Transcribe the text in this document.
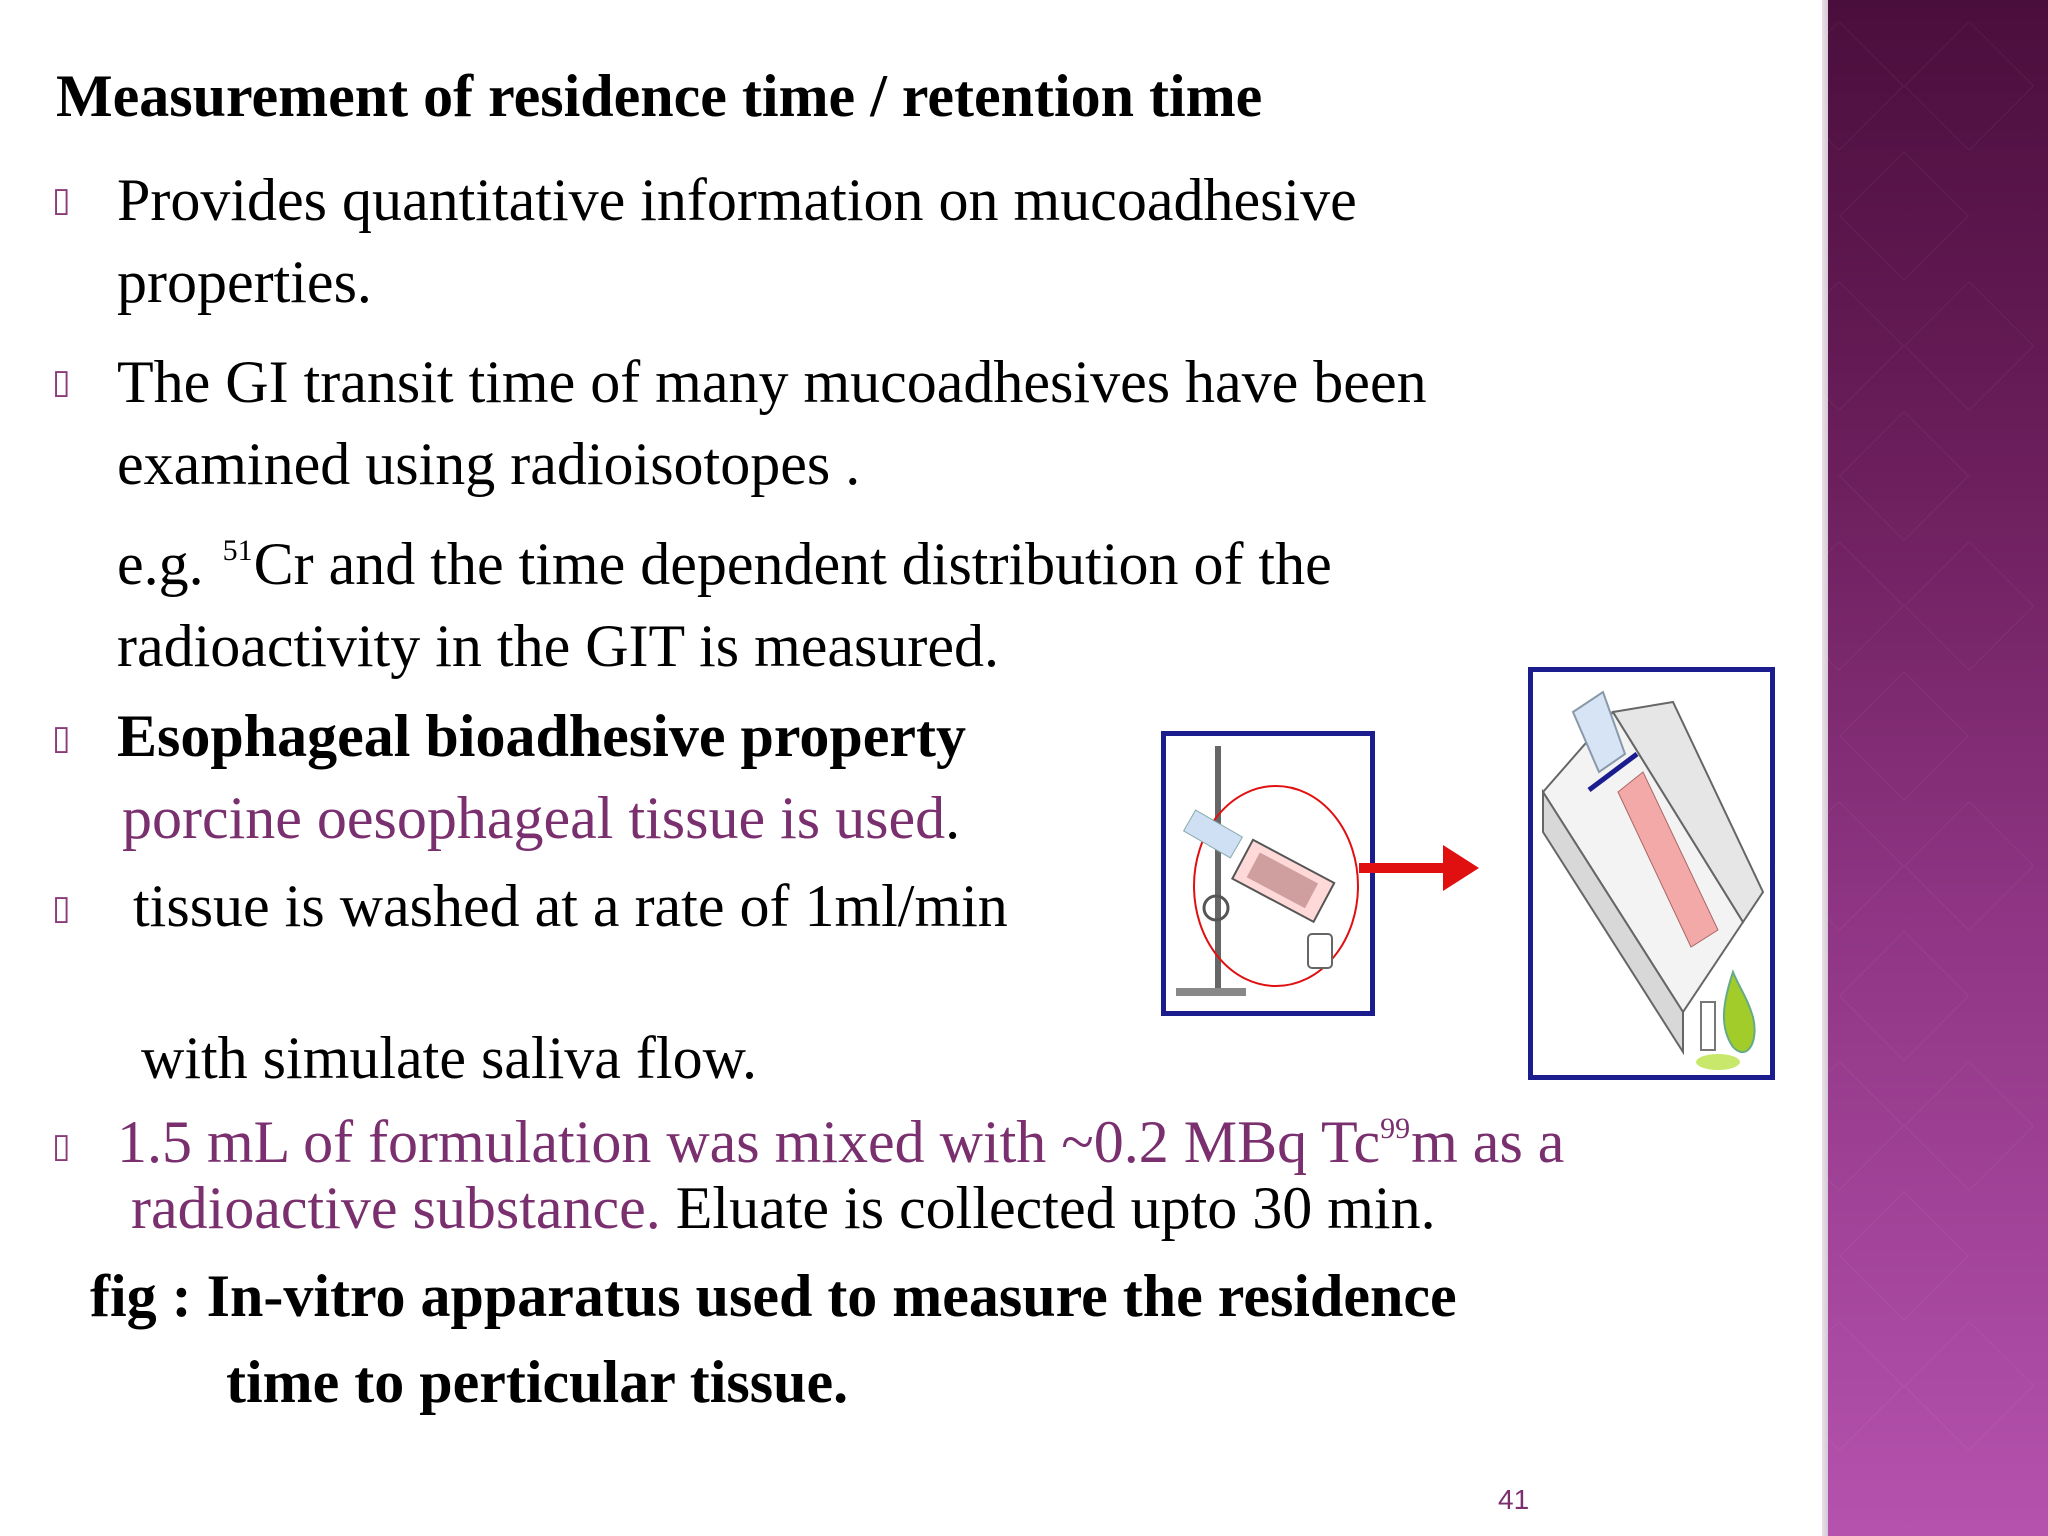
Measurement of residence time / retention time
▯ Provides quantitative information on mucoadhesive
properties.
▯ The GI transit time of many mucoadhesives have been
examined using radioisotopes .
e.g. $^{51}$Cr and the time dependent distribution of the
radioactivity in the GIT is measured.
▯ Esophageal bioadhesive property
porcine oesophageal tissue is used.
▯ tissue is washed at a rate of 1ml/min
with simulate saliva flow.
▯ 1.5 mL of formulation was mixed with ~0.2 MBq Tc$^{99}$m as a
radioactive substance. Eluate is collected upto 30 min.
fig : In-vitro apparatus used to measure the residence
time to perticular tissue.
41
